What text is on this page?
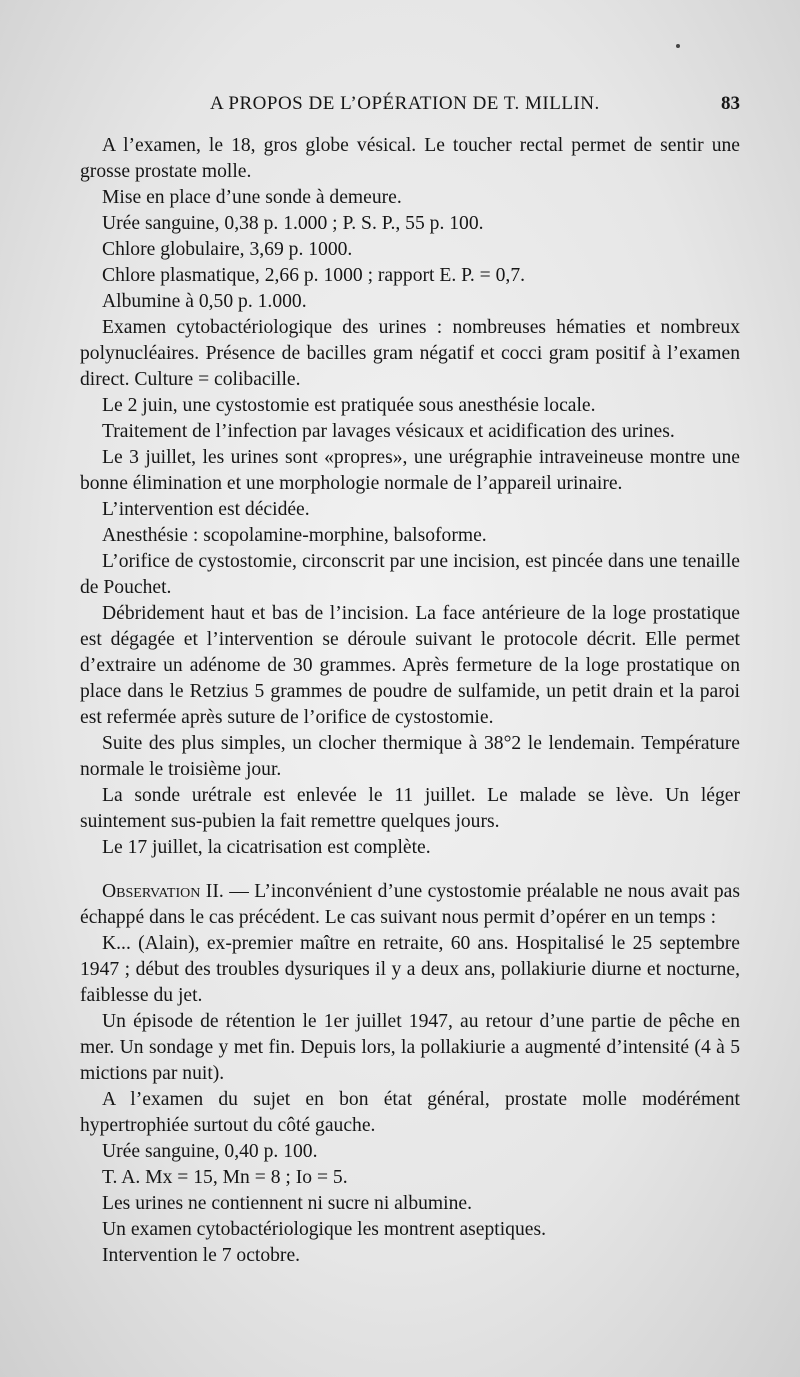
A PROPOS DE L’OPÉRATION DE T. MILLIN.	83

A l’examen, le 18, gros globe vésical. Le toucher rectal permet de sentir une grosse prostate molle.

Mise en place d’une sonde à demeure.

Urée sanguine, 0,38 p. 1.000 ; P. S. P., 55 p. 100.

Chlore globulaire, 3,69 p. 1000.

Chlore plasmatique, 2,66 p. 1000 ; rapport E. P. = 0,7.

Albumine à 0,50 p. 1.000.

Examen cytobactériologique des urines : nombreuses hématies et nombreux polynucléaires. Présence de bacilles gram négatif et cocci gram positif à l’examen direct. Culture = colibacille.

Le 2 juin, une cystostomie est pratiquée sous anesthésie locale.

Traitement de l’infection par lavages vésicaux et acidification des urines.

Le 3 juillet, les urines sont «propres», une urégraphie intraveineuse montre une bonne élimination et une morphologie normale de l’appareil urinaire.

L’intervention est décidée.

Anesthésie : scopolamine-morphine, balsoforme.

L’orifice de cystostomie, circonscrit par une incision, est pincée dans une tenaille de Pouchet.

Débridement haut et bas de l’incision. La face antérieure de la loge prostatique est dégagée et l’intervention se déroule suivant le protocole décrit. Elle permet d’extraire un adénome de 30 grammes. Après fermeture de la loge prostatique on place dans le Retzius 5 grammes de poudre de sulfamide, un petit drain et la paroi est refermée après suture de l’orifice de cystostomie.

Suite des plus simples, un clocher thermique à 38°2 le lendemain. Température normale le troisième jour.

La sonde urétrale est enlevée le 11 juillet. Le malade se lève. Un léger suintement sus-pubien la fait remettre quelques jours.

Le 17 juillet, la cicatrisation est complète.

Observation II. — L’inconvénient d’une cystostomie préalable ne nous avait pas échappé dans le cas précédent. Le cas suivant nous permit d’opérer en un temps :

K... (Alain), ex-premier maître en retraite, 60 ans. Hospitalisé le 25 septembre 1947 ; début des troubles dysuriques il y a deux ans, pollakiurie diurne et nocturne, faiblesse du jet.

Un épisode de rétention le 1er juillet 1947, au retour d’une partie de pêche en mer. Un sondage y met fin. Depuis lors, la pollakiurie a augmenté d’intensité (4 à 5 mictions par nuit).

A l’examen du sujet en bon état général, prostate molle modérément hypertrophiée surtout du côté gauche.

Urée sanguine, 0,40 p. 100.

T. A. Mx = 15, Mn = 8 ; Io = 5.

Les urines ne contiennent ni sucre ni albumine.

Un examen cytobactériologique les montrent aseptiques.

Intervention le 7 octobre.
